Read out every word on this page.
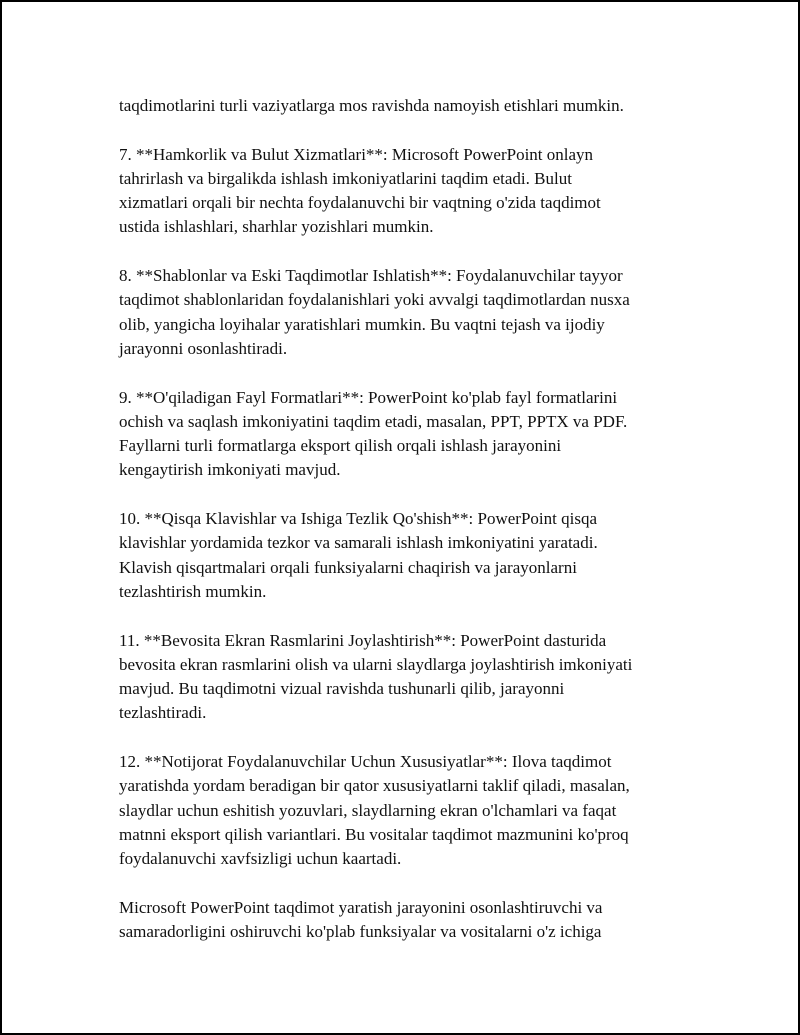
taqdimotlarini turli vaziyatlarga mos ravishda namoyish etishlari mumkin.

7. **Hamkorlik va Bulut Xizmatlari**: Microsoft PowerPoint onlayn
tahrirlash va birgalikda ishlash imkoniyatlarini taqdim etadi. Bulut
xizmatlari orqali bir nechta foydalanuvchi bir vaqtning o'zida taqdimot
ustida ishlashlari, sharhlar yozishlari mumkin.

8. **Shablonlar va Eski Taqdimotlar Ishlatish**: Foydalanuvchilar tayyor
taqdimot shablonlaridan foydalanishlari yoki avvalgi taqdimotlardan nusxa
olib, yangicha loyihalar yaratishlari mumkin. Bu vaqtni tejash va ijodiy
jarayonni osonlashtiradi.

9. **O'qiladigan Fayl Formatlari**: PowerPoint ko'plab fayl formatlarini
ochish va saqlash imkoniyatini taqdim etadi, masalan, PPT, PPTX va PDF.
Fayllarni turli formatlarga eksport qilish orqali ishlash jarayonini
kengaytirish imkoniyati mavjud.

10. **Qisqa Klavishlar va Ishiga Tezlik Qo'shish**: PowerPoint qisqa
klavishlar yordamida tezkor va samarali ishlash imkoniyatini yaratadi.
Klavish qisqartmalari orqali funksiyalarni chaqirish va jarayonlarni
tezlashtirish mumkin.

11. **Bevosita Ekran Rasmlarini Joylashtirish**: PowerPoint dasturida
bevosita ekran rasmlarini olish va ularni slaydlarga joylashtirish imkoniyati
mavjud. Bu taqdimotni vizual ravishda tushunarli qilib, jarayonni
tezlashtiradi.

12. **Notijorat Foydalanuvchilar Uchun Xususiyatlar**: Ilova taqdimot
yaratishda yordam beradigan bir qator xususiyatlarni taklif qiladi, masalan,
slaydlar uchun eshitish yozuvlari, slaydlarning ekran o'lchamlari va faqat
matnni eksport qilish variantlari. Bu vositalar taqdimot mazmunini ko'proq
foydalanuvchi xavfsizligi uchun kaartadi.

Microsoft PowerPoint taqdimot yaratish jarayonini osonlashtiruvchi va
samaradorligini oshiruvchi ko'plab funksiyalar va vositalarni o'z ichiga
